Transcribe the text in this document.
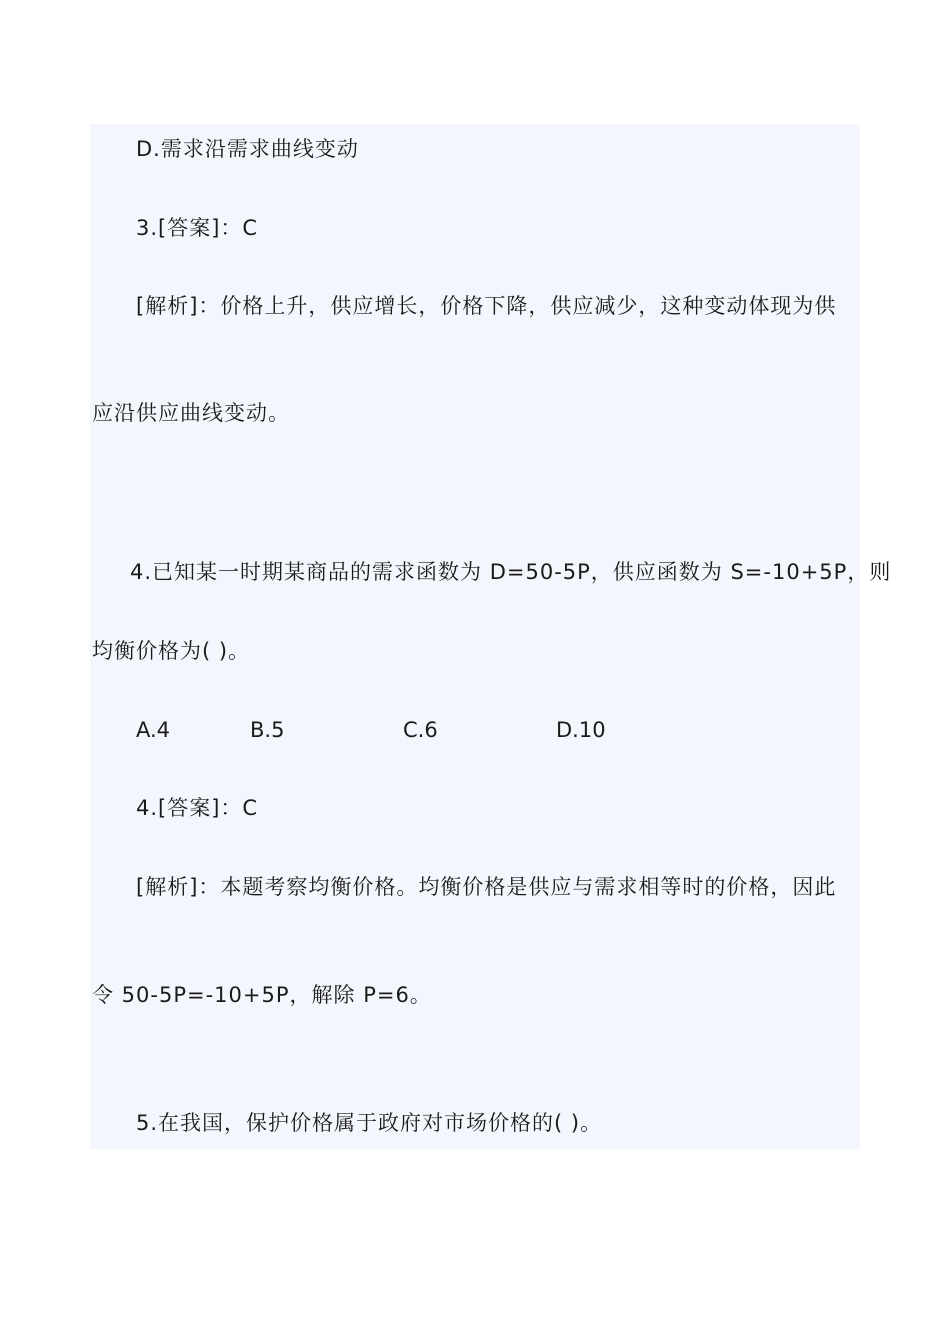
D.需求沿需求曲线变动
3.[答案]：C
[解析]：价格上升，供应增长，价格下降，供应减少，这种变动体现为供
应沿供应曲线变动。
4.已知某一时期某商品的需求函数为 D=50-5P，供应函数为 S=-10+5P，则
均衡价格为( )。
A.4	B.5	C.6	D.10
4.[答案]：C
[解析]：本题考察均衡价格。均衡价格是供应与需求相等时的价格，因此
令 50-5P=-10+5P，解除 P=6。
5.在我国，保护价格属于政府对市场价格的( )。
